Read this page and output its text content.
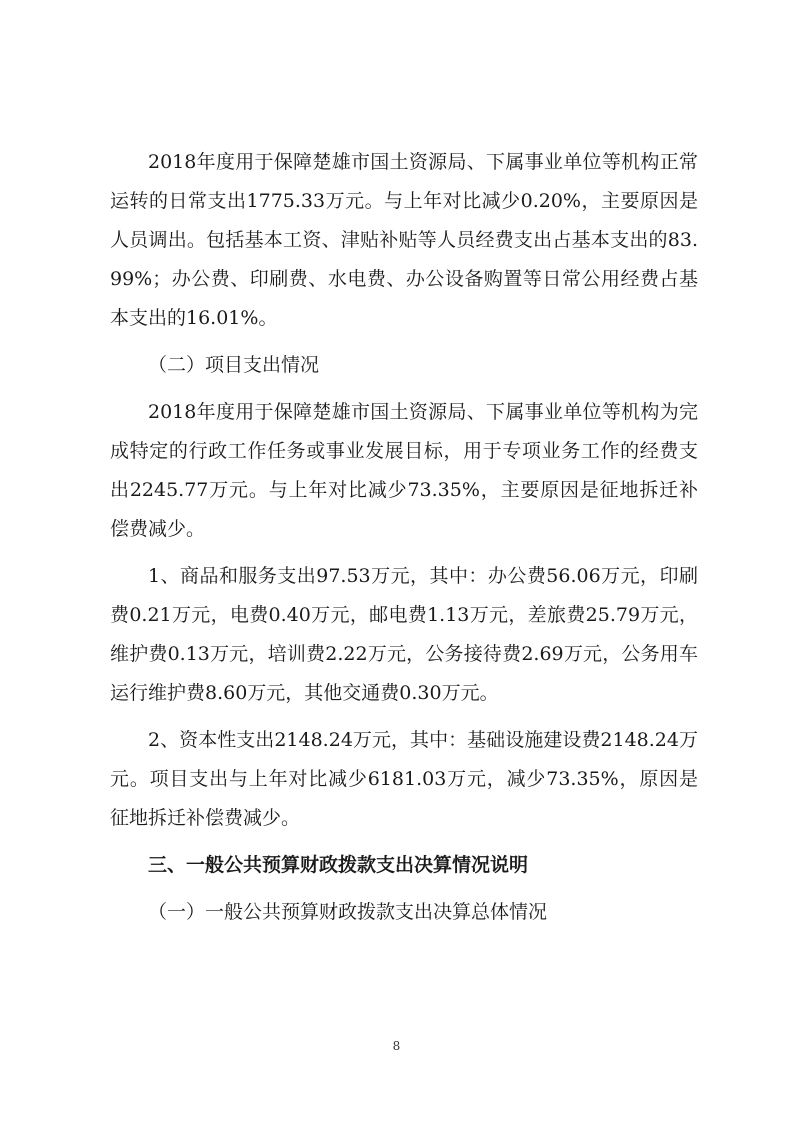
2018年度用于保障楚雄市国土资源局、下属事业单位等机构正常运转的日常支出1775.33万元。与上年对比减少0.20%，主要原因是人员调出。包括基本工资、津贴补贴等人员经费支出占基本支出的83.99%；办公费、印刷费、水电费、办公设备购置等日常公用经费占基本支出的16.01%。

（二）项目支出情况

2018年度用于保障楚雄市国土资源局、下属事业单位等机构为完成特定的行政工作任务或事业发展目标，用于专项业务工作的经费支出2245.77万元。与上年对比减少73.35%，主要原因是征地拆迁补偿费减少。

1、商品和服务支出97.53万元，其中：办公费56.06万元，印刷费0.21万元，电费0.40万元，邮电费1.13万元，差旅费25.79万元，维护费0.13万元，培训费2.22万元，公务接待费2.69万元，公务用车运行维护费8.60万元，其他交通费0.30万元。

2、资本性支出2148.24万元，其中：基础设施建设费2148.24万元。项目支出与上年对比减少6181.03万元，减少73.35%，原因是征地拆迁补偿费减少。

三、一般公共预算财政拨款支出决算情况说明

（一）一般公共预算财政拨款支出决算总体情况

8
